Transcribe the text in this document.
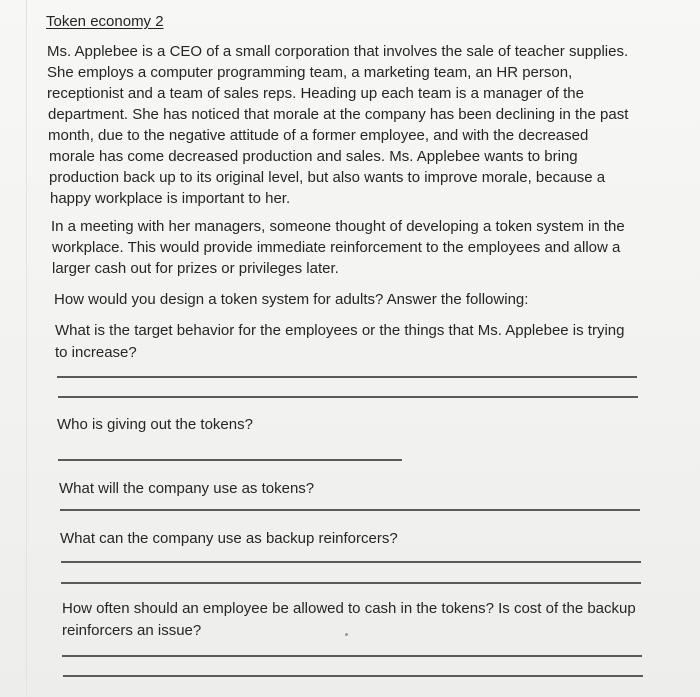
Token economy 2
Ms. Applebee is a CEO of a small corporation that involves the sale of teacher supplies.
She employs a computer programming team, a marketing team, an HR person,
receptionist and a team of sales reps. Heading up each team is a manager of the
department. She has noticed that morale at the company has been declining in the past
month, due to the negative attitude of a former employee, and with the decreased
morale has come decreased production and sales. Ms. Applebee wants to bring
production back up to its original level, but also wants to improve morale, because a
happy workplace is important to her.
In a meeting with her managers, someone thought of developing a token system in the
workplace. This would provide immediate reinforcement to the employees and allow a
larger cash out for prizes or privileges later.
How would you design a token system for adults? Answer the following:
What is the target behavior for the employees or the things that Ms. Applebee is trying
to increase?
Who is giving out the tokens?
What will the company use as tokens?
What can the company use as backup reinforcers?
How often should an employee be allowed to cash in the tokens? Is cost of the backup
reinforcers an issue?
